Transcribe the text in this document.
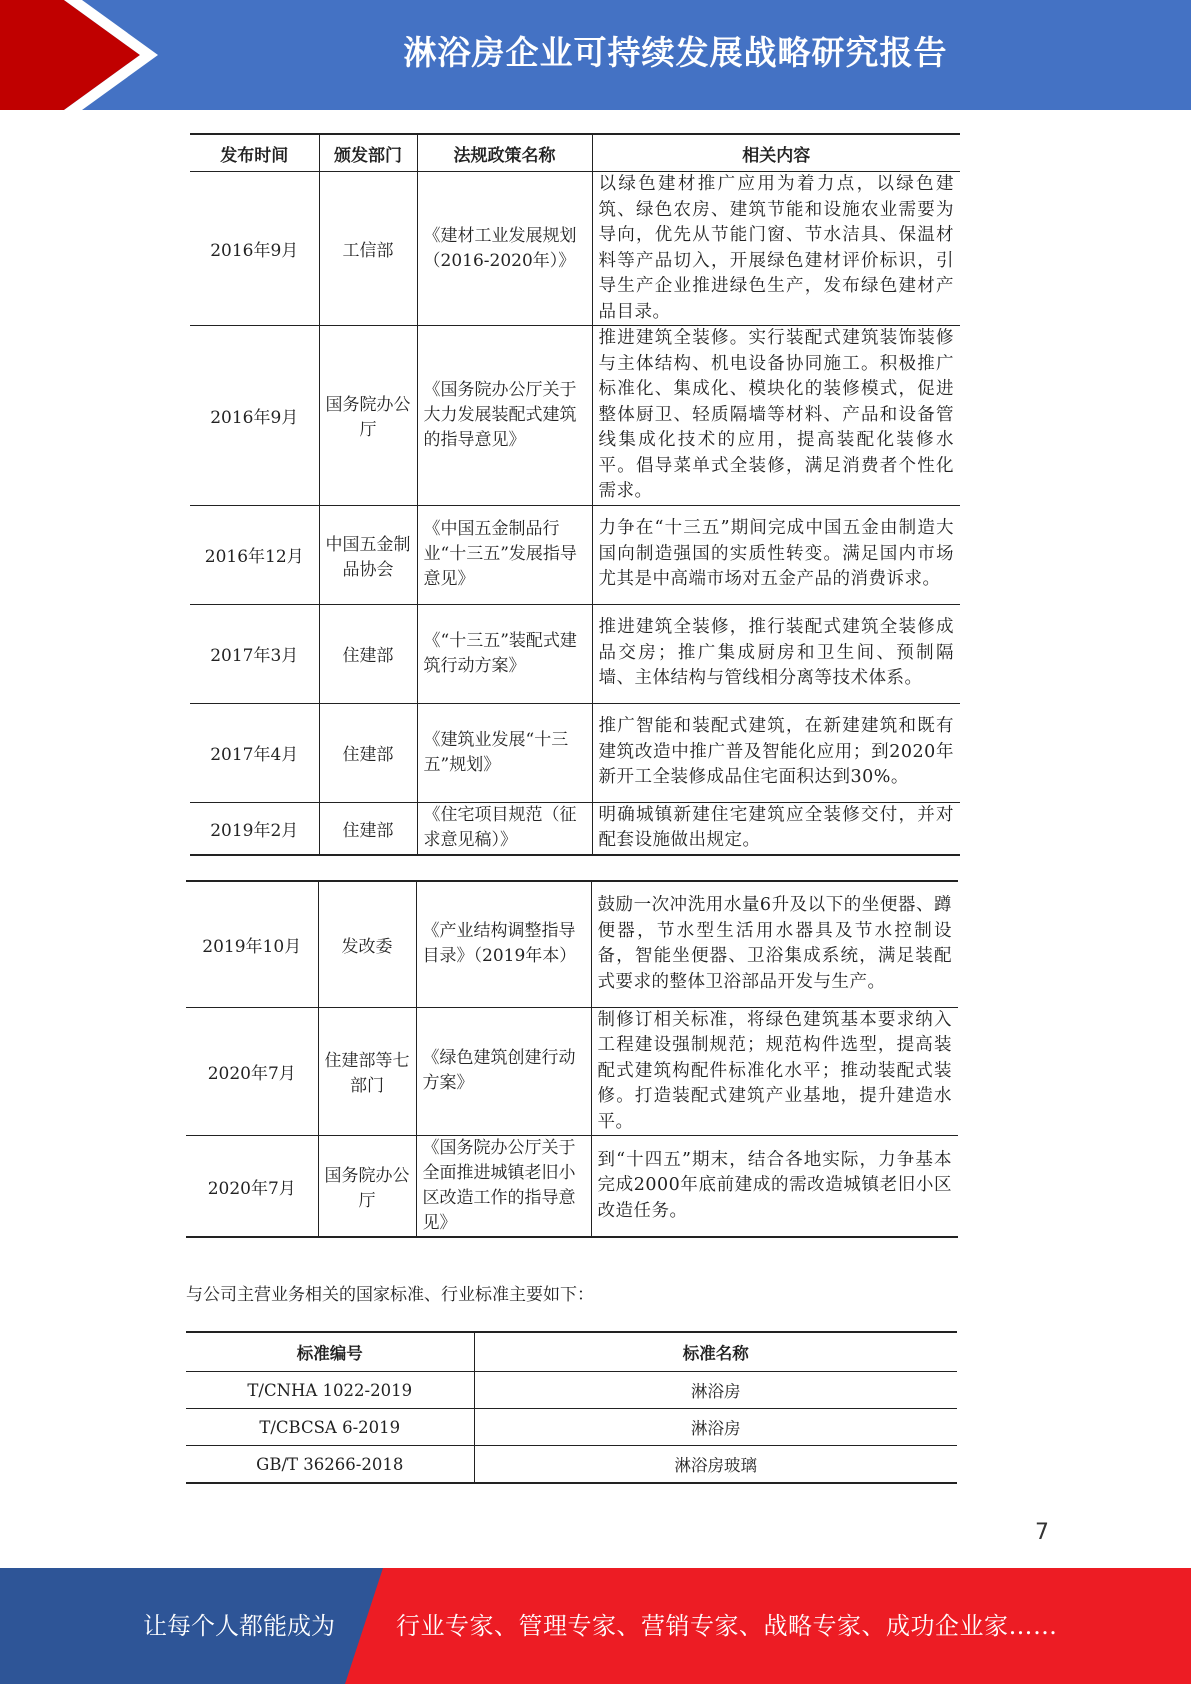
淋浴房企业可持续发展战略研究报告
发布时间	颁发部门	法规政策名称	相关内容
2016年9月	工信部	《建材工业发展规划（2016-2020年）》	以绿色建材推广应用为着力点，以绿色建筑、绿色农房、建筑节能和设施农业需要为导向，优先从节能门窗、节水洁具、保温材料等产品切入，开展绿色建材评价标识，引导生产企业推进绿色生产，发布绿色建材产品目录。
2016年9月	国务院办公厅	《国务院办公厅关于大力发展装配式建筑的指导意见》	推进建筑全装修。实行装配式建筑装饰装修与主体结构、机电设备协同施工。积极推广标准化、集成化、模块化的装修模式，促进整体厨卫、轻质隔墙等材料、产品和设备管线集成化技术的应用，提高装配化装修水平。倡导菜单式全装修，满足消费者个性化需求。
2016年12月	中国五金制品协会	《中国五金制品行业“十三五”发展指导意见》	力争在“十三五”期间完成中国五金由制造大国向制造强国的实质性转变。满足国内市场尤其是中高端市场对五金产品的消费诉求。
2017年3月	住建部	《“十三五”装配式建筑行动方案》	推进建筑全装修，推行装配式建筑全装修成品交房；推广集成厨房和卫生间、预制隔墙、主体结构与管线相分离等技术体系。
2017年4月	住建部	《建筑业发展“十三五”规划》	推广智能和装配式建筑，在新建建筑和既有建筑改造中推广普及智能化应用；到2020年新开工全装修成品住宅面积达到30%。
2019年2月	住建部	《住宅项目规范（征求意见稿）》	明确城镇新建住宅建筑应全装修交付，并对配套设施做出规定。
2019年10月	发改委	《产业结构调整指导目录》（2019年本）	鼓励一次冲洗用水量6升及以下的坐便器、蹲便器，节水型生活用水器具及节水控制设备，智能坐便器、卫浴集成系统，满足装配式要求的整体卫浴部品开发与生产。
2020年7月	住建部等七部门	《绿色建筑创建行动方案》	制修订相关标准，将绿色建筑基本要求纳入工程建设强制规范；规范构件选型，提高装配式建筑构配件标准化水平；推动装配式装修。打造装配式建筑产业基地，提升建造水平。
2020年7月	国务院办公厅	《国务院办公厅关于全面推进城镇老旧小区改造工作的指导意见》	到“十四五”期末，结合各地实际，力争基本完成2000年底前建成的需改造城镇老旧小区改造任务。
与公司主营业务相关的国家标准、行业标准主要如下：
标准编号	标准名称
T/CNHA 1022-2019	淋浴房
T/CBCSA 6-2019	淋浴房
GB/T 36266-2018	淋浴房玻璃
7
让每个人都能成为	行业专家、管理专家、营销专家、战略专家、成功企业家……
